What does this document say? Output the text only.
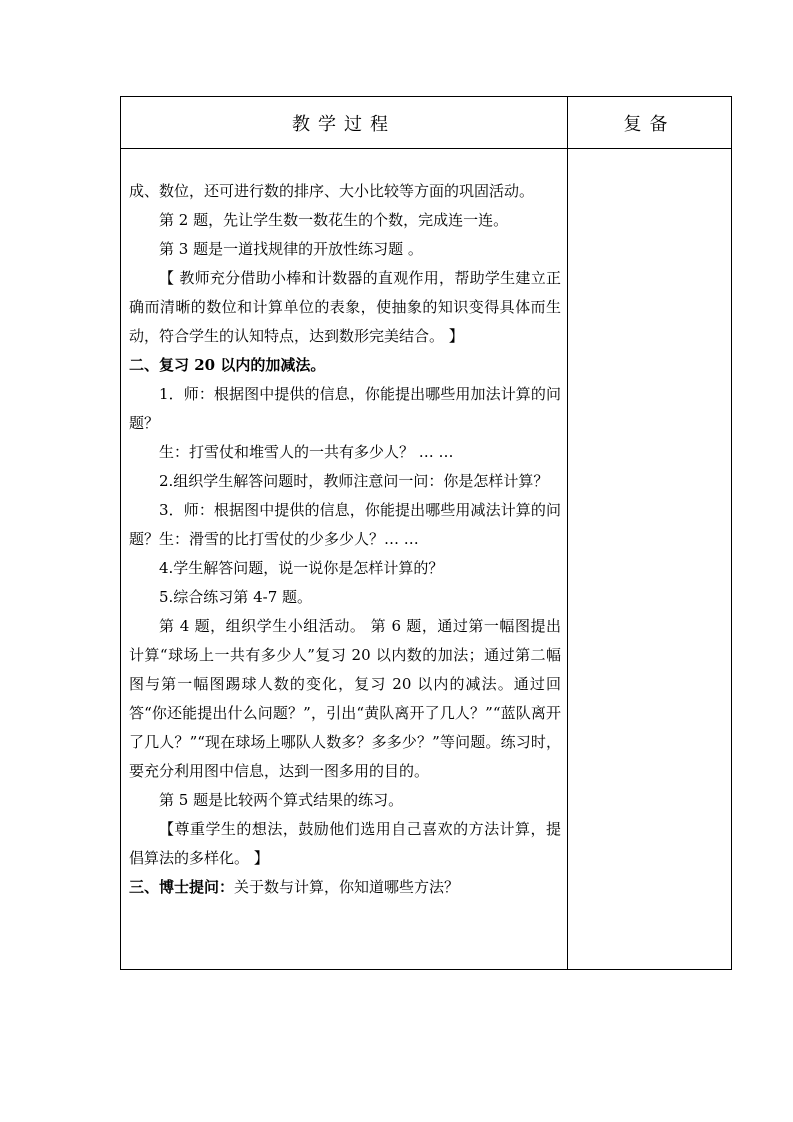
教学过程	复备

成、数位，还可进行数的排序、大小比较等方面的巩固活动。

第 2 题，先让学生数一数花生的个数，完成连一连。

第 3 题是一道找规律的开放性练习题 。

【 教师充分借助小棒和计数器的直观作用，帮助学生建立正确而清晰的数位和计算单位的表象，使抽象的知识变得具体而生动，符合学生的认知特点，达到数形完美结合。 】

二、复习 20 以内的加减法。

1．师：根据图中提供的信息，你能提出哪些用加法计算的问题？

生：打雪仗和堆雪人的一共有多少人？ … …

2.组织学生解答问题时，教师注意问一问：你是怎样计算？

3．师：根据图中提供的信息，你能提出哪些用减法计算的问题？生：滑雪的比打雪仗的少多少人？… …

4.学生解答问题，说一说你是怎样计算的？

5.综合练习第 4-7 题。

第 4 题，组织学生小组活动。 第 6 题，通过第一幅图提出计算“球场上一共有多少人”复习 20 以内数的加法；通过第二幅图与第一幅图踢球人数的变化，复习 20 以内的减法。通过回答“你还能提出什么问题？”，引出“黄队离开了几人？”“蓝队离开了几人？”“现在球场上哪队人数多？多多少？”等问题。练习时，要充分利用图中信息，达到一图多用的目的。

第 5 题是比较两个算式结果的练习。

【尊重学生的想法，鼓励他们选用自己喜欢的方法计算，提倡算法的多样化。 】

三、博士提问：关于数与计算，你知道哪些方法？
